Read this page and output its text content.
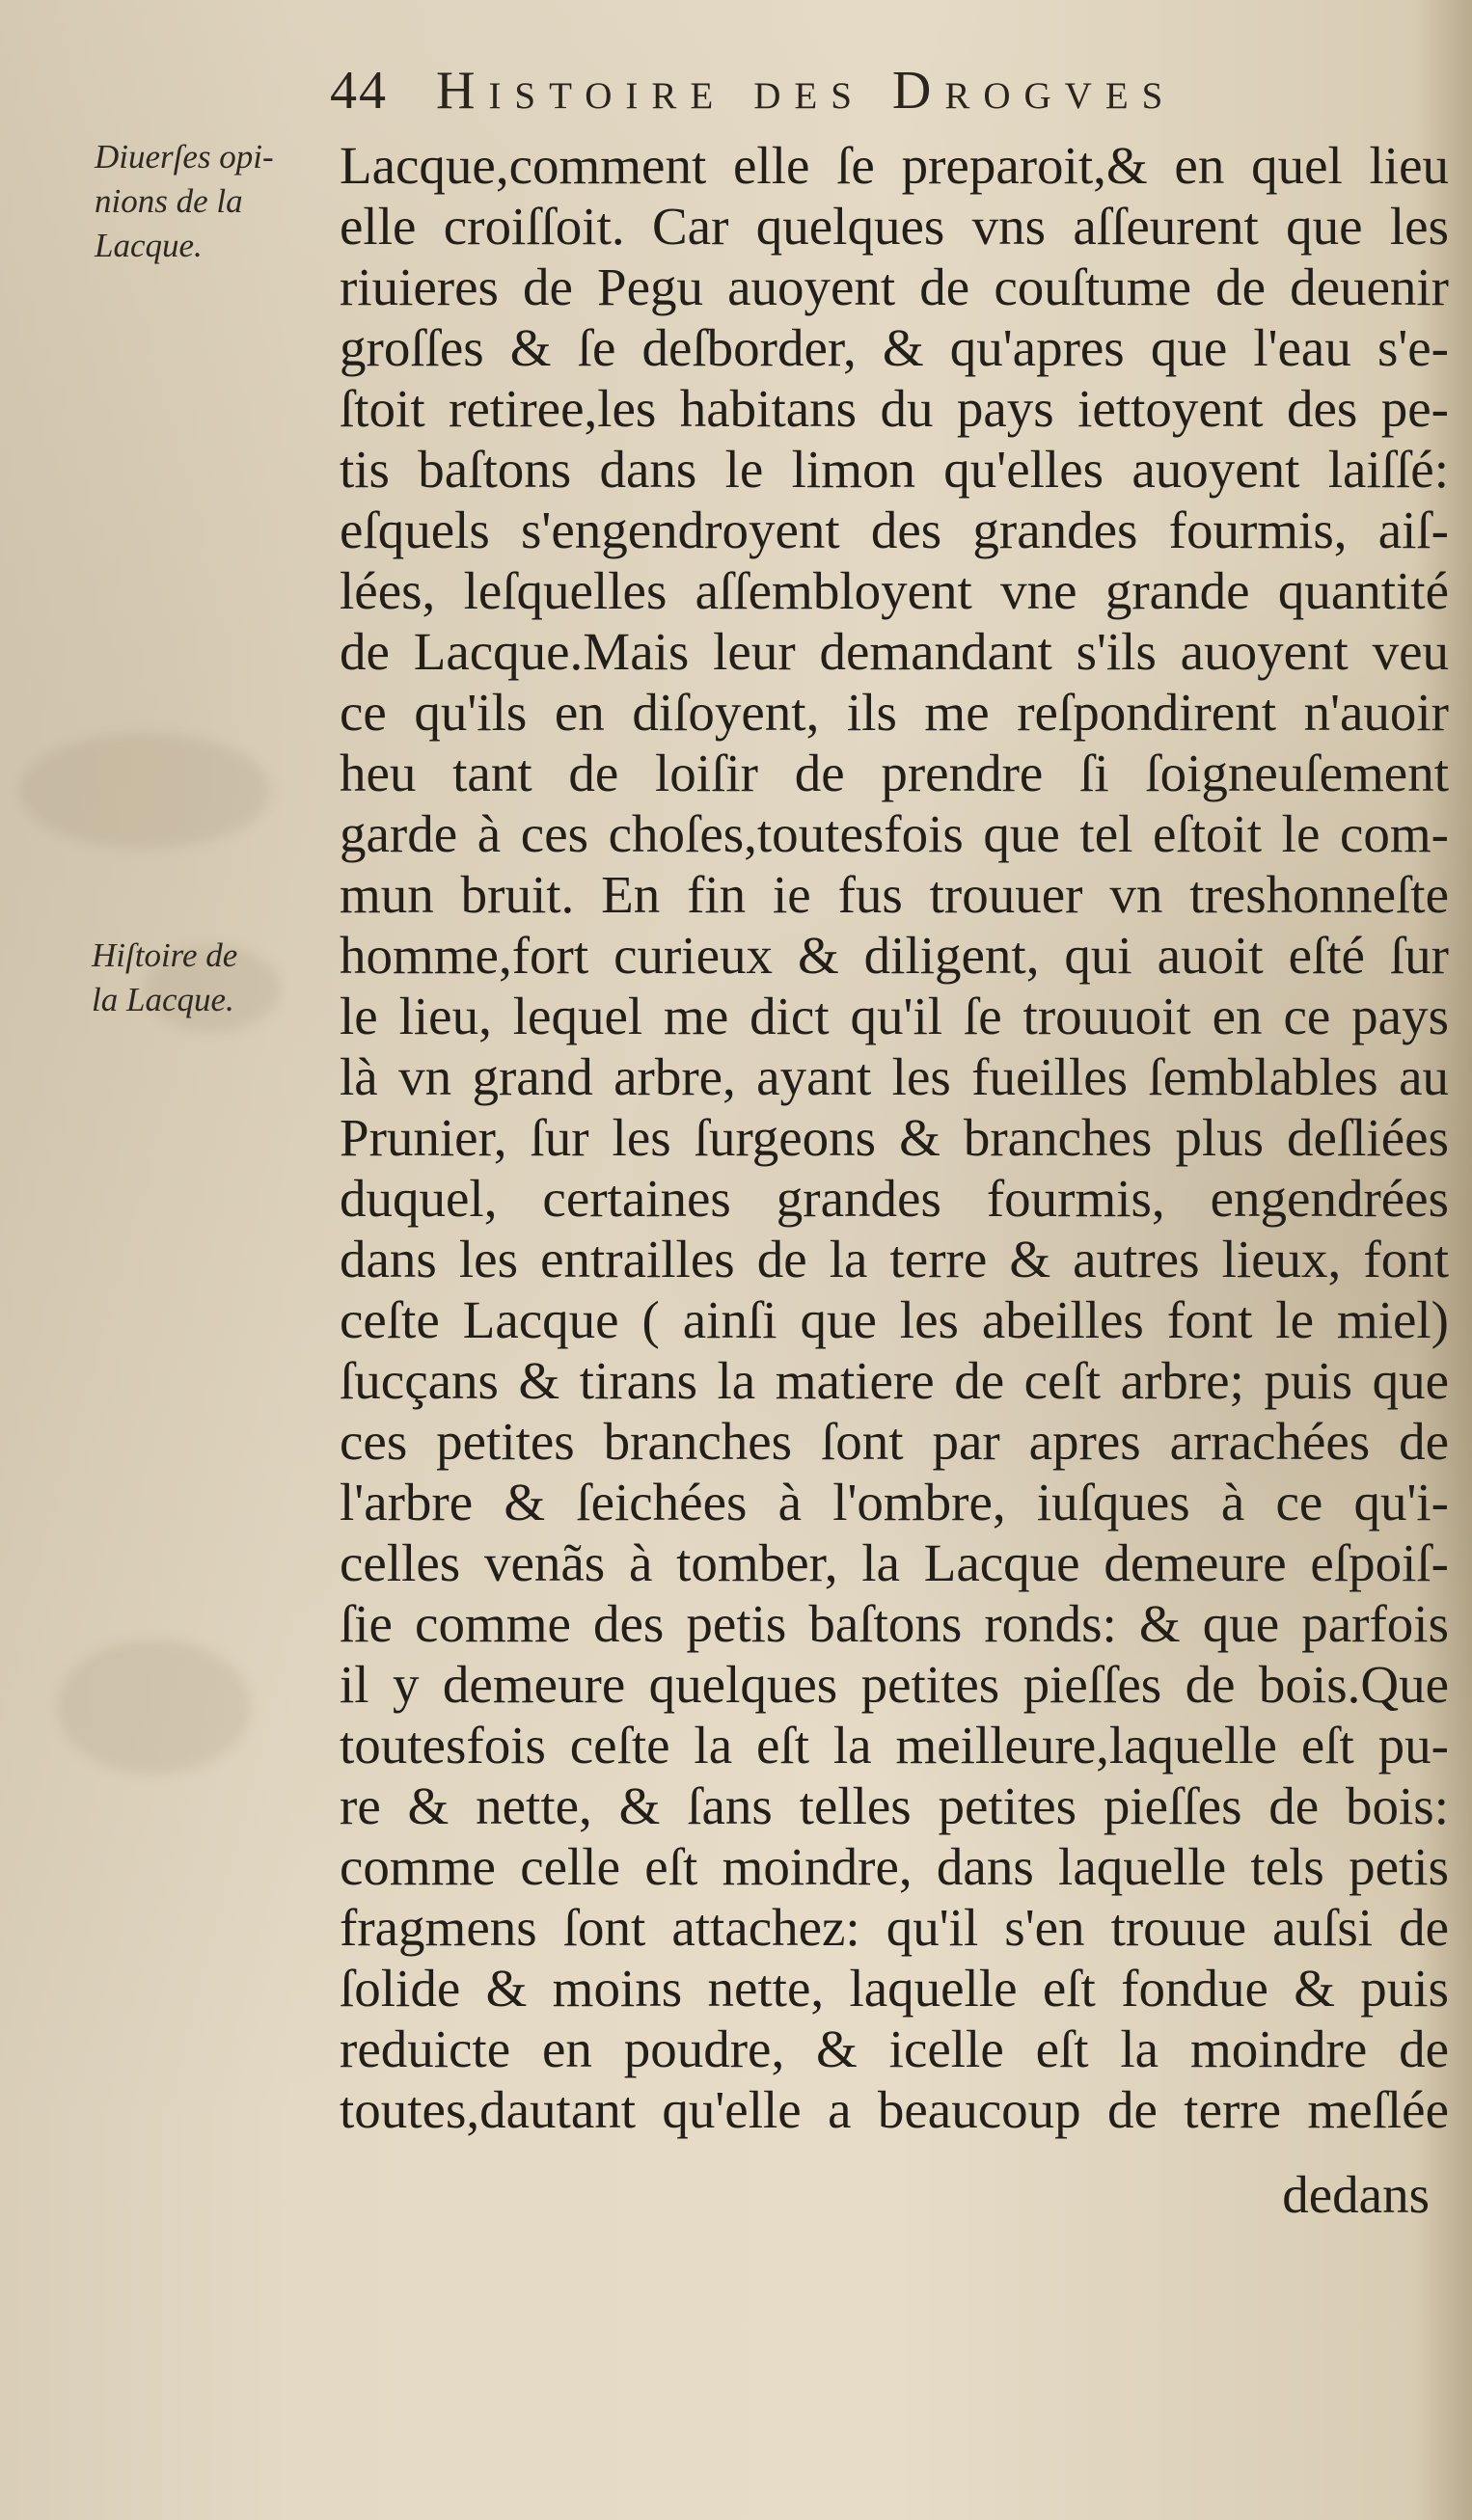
44 Histoire des Drogves
Diuerſes opi-
nions de la
Lacque.
Hiſtoire de
la Lacque.
Lacque,comment elle ſe preparoit,& en quel lieu
elle croiſſoit. Car quelques vns aſſeurent que les
riuieres de Pegu auoyent de couſtume de deuenir
groſſes & ſe deſborder, & qu'apres que l'eau s'e-
ſtoit retiree,les habitans du pays iettoyent des pe-
tis baſtons dans le limon qu'elles auoyent laiſſé:
eſquels s'engendroyent des grandes fourmis, aiſ-
lées, leſquelles aſſembloyent vne grande quantité
de Lacque.Mais leur demandant s'ils auoyent veu
ce qu'ils en diſoyent, ils me reſpondirent n'auoir
heu tant de loiſir de prendre ſi ſoigneuſement
garde à ces choſes,toutesfois que tel eſtoit le com-
mun bruit. En fin ie fus trouuer vn treshonneſte
homme,fort curieux & diligent, qui auoit eſté ſur
le lieu, lequel me dict qu'il ſe trouuoit en ce pays
là vn grand arbre, ayant les fueilles ſemblables au
Prunier, ſur les ſurgeons & branches plus deſliées
duquel, certaines grandes fourmis, engendrées
dans les entrailles de la terre & autres lieux, font
ceſte Lacque ( ainſi que les abeilles font le miel)
ſucçans & tirans la matiere de ceſt arbre; puis que
ces petites branches ſont par apres arrachées de
l'arbre & ſeichées à l'ombre, iuſques à ce qu'i-
celles venãs à tomber, la Lacque demeure eſpoiſ-
ſie comme des petis baſtons ronds: & que parfois
il y demeure quelques petites pieſſes de bois.Que
toutesfois ceſte la eſt la meilleure,laquelle eſt pu-
re & nette, & ſans telles petites pieſſes de bois:
comme celle eſt moindre, dans laquelle tels petis
fragmens ſont attachez: qu'il s'en trouue auſsi de
ſolide & moins nette, laquelle eſt fondue & puis
reduicte en poudre, & icelle eſt la moindre de
toutes,dautant qu'elle a beaucoup de terre meſlée
dedans
